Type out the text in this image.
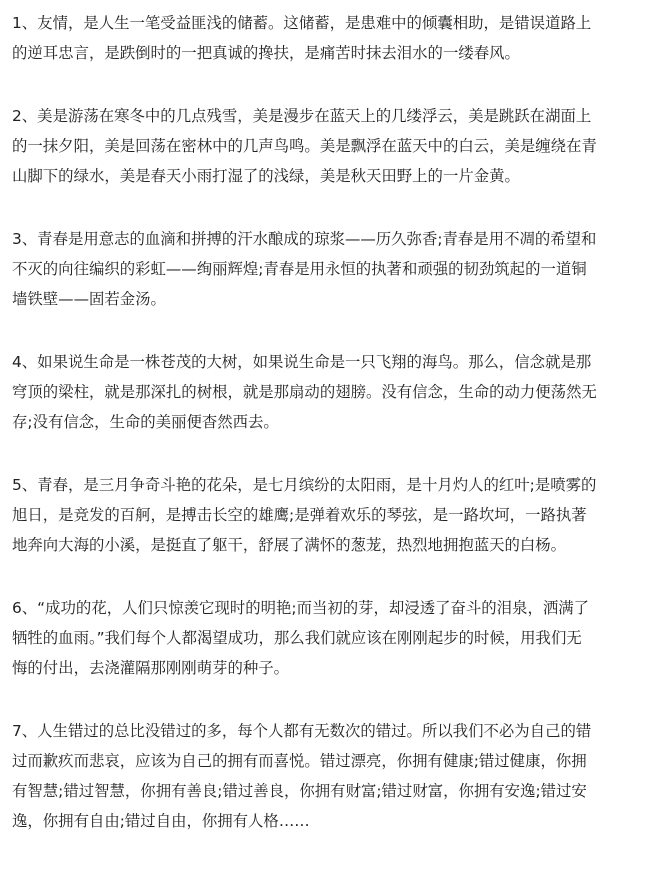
1、友情，是人生一笔受益匪浅的储蓄。这储蓄，是患难中的倾囊相助，是错误道路上
的逆耳忠言，是跌倒时的一把真诚的搀扶，是痛苦时抹去泪水的一缕春风。
2、美是游荡在寒冬中的几点残雪，美是漫步在蓝天上的几缕浮云，美是跳跃在湖面上
的一抹夕阳，美是回荡在密林中的几声鸟鸣。美是飘浮在蓝天中的白云，美是缠绕在青
山脚下的绿水，美是春天小雨打湿了的浅绿，美是秋天田野上的一片金黄。
3、青春是用意志的血滴和拼搏的汗水酿成的琼浆——历久弥香;青春是用不凋的希望和
不灭的向往编织的彩虹——绚丽辉煌;青春是用永恒的执著和顽强的韧劲筑起的一道铜
墙铁壁——固若金汤。
4、如果说生命是一株苍茂的大树，如果说生命是一只飞翔的海鸟。那么，信念就是那
穹顶的梁柱，就是那深扎的树根，就是那扇动的翅膀。没有信念，生命的动力便荡然无
存;没有信念，生命的美丽便杳然西去。
5、青春，是三月争奇斗艳的花朵，是七月缤纷的太阳雨，是十月灼人的红叶;是喷雾的
旭日，是竞发的百舸，是搏击长空的雄鹰;是弹着欢乐的琴弦，是一路坎坷，一路执著
地奔向大海的小溪，是挺直了躯干，舒展了满怀的葱茏，热烈地拥抱蓝天的白杨。
6、“成功的花，人们只惊羡它现时的明艳;而当初的芽，却浸透了奋斗的泪泉，洒满了
牺牲的血雨。”我们每个人都渴望成功，那么我们就应该在刚刚起步的时候，用我们无
悔的付出，去浇灌隔那刚刚萌芽的种子。
7、人生错过的总比没错过的多，每个人都有无数次的错过。所以我们不必为自己的错
过而歉疚而悲哀，应该为自己的拥有而喜悦。错过漂亮，你拥有健康;错过健康，你拥
有智慧;错过智慧，你拥有善良;错过善良，你拥有财富;错过财富，你拥有安逸;错过安
逸，你拥有自由;错过自由，你拥有人格……
